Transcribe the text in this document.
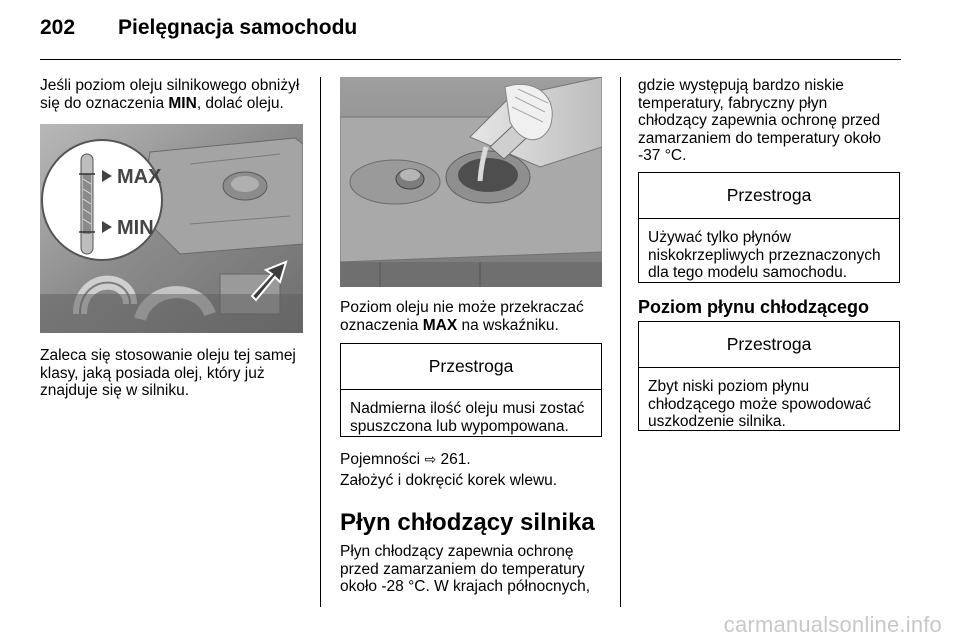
202 Pielęgnacja samochodu
Jeśli poziom oleju silnikowego obniżył się do oznaczenia MIN, dolać oleju.
MAX
MIN
Zaleca się stosowanie oleju tej samej klasy, jaką posiada olej, który już znajduje się w silniku.
Poziom oleju nie może przekraczać oznaczenia MAX na wskaźniku.
Przestroga
Nadmierna ilość oleju musi zostać spuszczona lub wypompowana.
Pojemności ⇨ 261.
Założyć i dokręcić korek wlewu.
Płyn chłodzący silnika
Płyn chłodzący zapewnia ochronę przed zamarzaniem do temperatury około -28 °C. W krajach północnych,
gdzie występują bardzo niskie temperatury, fabryczny płyn chłodzący zapewnia ochronę przed zamarzaniem do temperatury około -37 °C.
Przestroga
Używać tylko płynów niskokrzepliwych przeznaczonych dla tego modelu samochodu.
Poziom płynu chłodzącego
Przestroga
Zbyt niski poziom płynu chłodzącego może spowodować uszkodzenie silnika.
carmanualsonline.info
